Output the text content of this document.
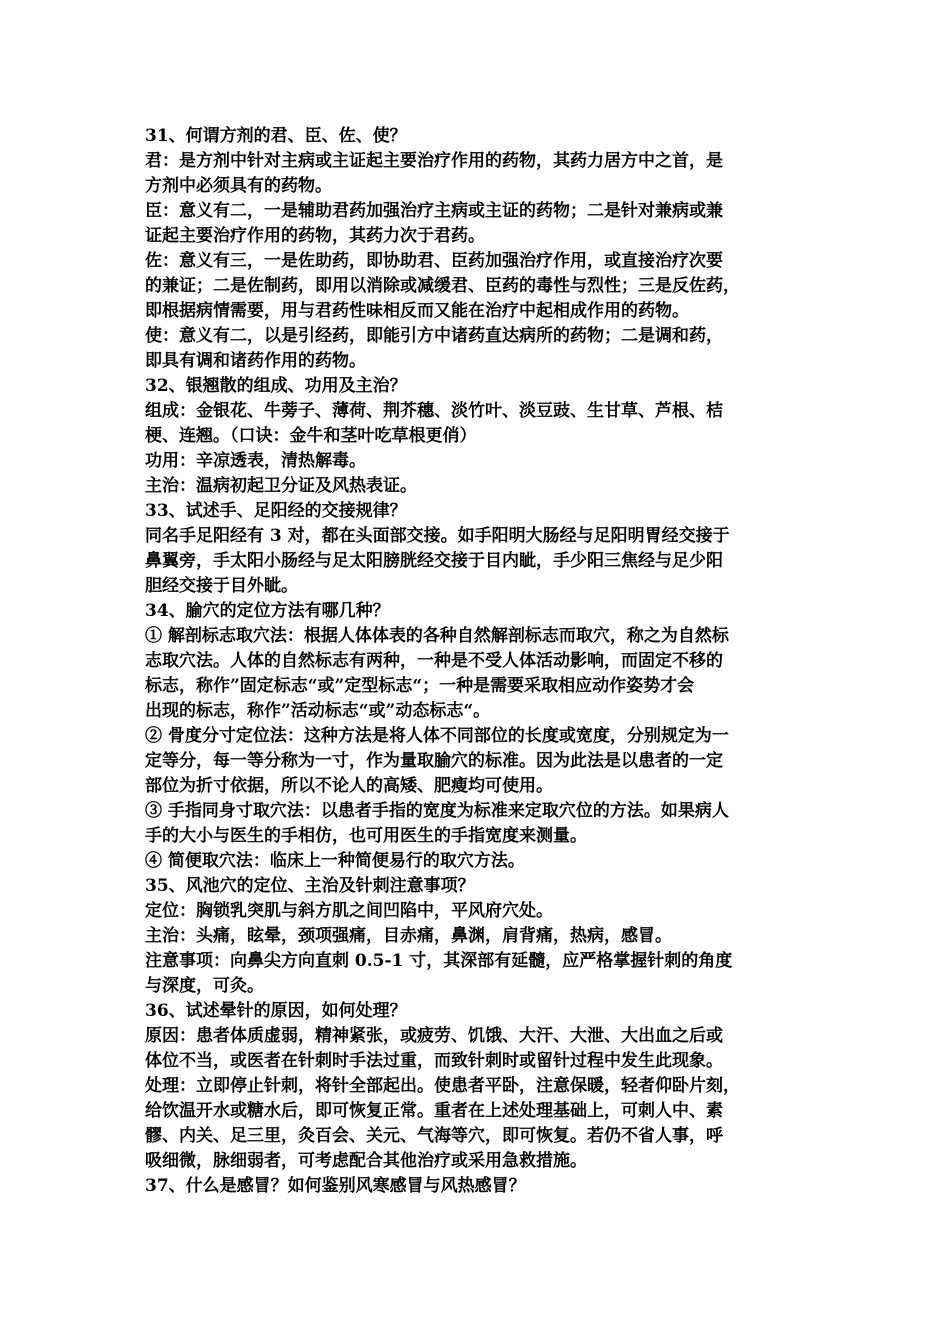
31、何谓方剂的君、臣、佐、使？
君：是方剂中针对主病或主证起主要治疗作用的药物，其药力居方中之首，是
方剂中必须具有的药物。
臣：意义有二，一是辅助君药加强治疗主病或主证的药物；二是针对兼病或兼
证起主要治疗作用的药物，其药力次于君药。
佐：意义有三，一是佐助药，即协助君、臣药加强治疗作用，或直接治疗次要
的兼证；二是佐制药，即用以消除或减缓君、臣药的毒性与烈性；三是反佐药，
即根据病情需要，用与君药性味相反而又能在治疗中起相成作用的药物。
使：意义有二，以是引经药，即能引方中诸药直达病所的药物；二是调和药，
即具有调和诸药作用的药物。
32、银翘散的组成、功用及主治？
组成：金银花、牛蒡子、薄荷、荆芥穗、淡竹叶、淡豆豉、生甘草、芦根、桔
梗、连翘。（口诀：金牛和茎叶吃草根更俏）
功用：辛凉透表，清热解毒。
主治：温病初起卫分证及风热表证。
33、试述手、足阳经的交接规律？
同名手足阳经有 3 对，都在头面部交接。如手阳明大肠经与足阳明胃经交接于
鼻翼旁，手太阳小肠经与足太阳膀胱经交接于目内眦，手少阳三焦经与足少阳
胆经交接于目外眦。
34、腧穴的定位方法有哪几种？
① 解剖标志取穴法：根据人体体表的各种自然解剖标志而取穴，称之为自然标
志取穴法。人体的自然标志有两种，一种是不受人体活动影响，而固定不移的
标志，称作”固定标志“或”定型标志“；一种是需要采取相应动作姿势才会
出现的标志，称作”活动标志“或”动态标志“。
② 骨度分寸定位法：这种方法是将人体不同部位的长度或宽度，分别规定为一
定等分，每一等分称为一寸，作为量取腧穴的标准。因为此法是以患者的一定
部位为折寸依据，所以不论人的高矮、肥瘦均可使用。
③ 手指同身寸取穴法：以患者手指的宽度为标准来定取穴位的方法。如果病人
手的大小与医生的手相仿，也可用医生的手指宽度来测量。
④ 简便取穴法：临床上一种简便易行的取穴方法。
35、风池穴的定位、主治及针刺注意事项？
定位：胸锁乳突肌与斜方肌之间凹陷中，平风府穴处。
主治：头痛，眩晕，颈项强痛，目赤痛，鼻渊，肩背痛，热病，感冒。
注意事项：向鼻尖方向直刺 0.5-1 寸，其深部有延髓，应严格掌握针刺的角度
与深度，可灸。
36、试述晕针的原因，如何处理？
原因：患者体质虚弱，精神紧张，或疲劳、饥饿、大汗、大泄、大出血之后或
体位不当，或医者在针刺时手法过重，而致针刺时或留针过程中发生此现象。
处理：立即停止针刺，将针全部起出。使患者平卧，注意保暖，轻者仰卧片刻，
给饮温开水或糖水后，即可恢复正常。重者在上述处理基础上，可刺人中、素
髎、内关、足三里，灸百会、关元、气海等穴，即可恢复。若仍不省人事，呼
吸细微，脉细弱者，可考虑配合其他治疗或采用急救措施。
37、什么是感冒？如何鉴别风寒感冒与风热感冒？
